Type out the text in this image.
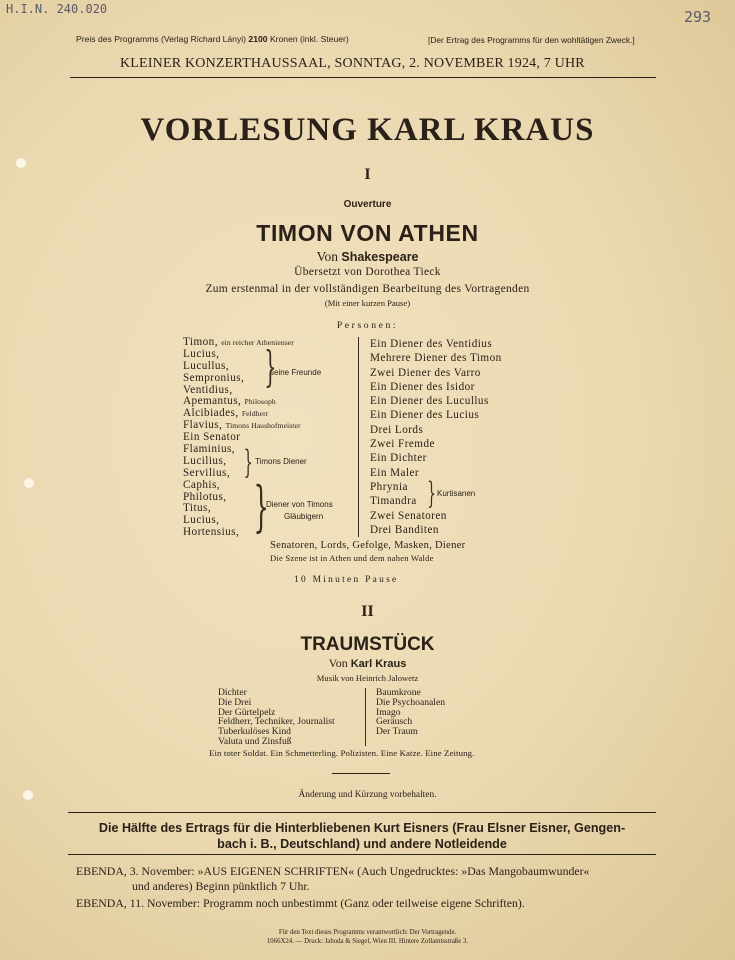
H.I.N. 240.020	293
Preis des Programms (Verlag Richard Lányi) 2100 Kronen (inkl. Steuer)	[Der Ertrag des Programms für den wohltätigen Zweck.]
KLEINER KONZERTHAUSSAAL, SONNTAG, 2. NOVEMBER 1924, 7 UHR
VORLESUNG KARL KRAUS
I
Ouverture
TIMON VON ATHEN
Von Shakespeare
Übersetzt von Dorothea Tieck
Zum erstenmal in der vollständigen Bearbeitung des Vortragenden
(Mit einer kurzen Pause)
Personen:
Timon, ein reicher Athenienser
Lucius,
Lucullus,
Sempronius,
Ventidius,
Apemantus, Philosoph
Alcibiades, Feldherr
Flavius, Timons Haushofmeister
Ein Senator
Flaminius,
Lucilius,
Servilius,
Caphis,
Philotus,
Titus,
Lucius,
Hortensius,
}
seine Freunde
} Timons Diener
}
Diener von Timons
Gläubigern
Ein Diener des Ventidius
Mehrere Diener des Timon
Zwei Diener des Varro
Ein Diener des Isidor
Ein Diener des Lucullus
Ein Diener des Lucius
Drei Lords
Zwei Fremde
Ein Dichter
Ein Maler
Phrynia
Timandra
Zwei Senatoren
Drei Banditen
} Kurtisanen
Senatoren, Lords, Gefolge, Masken, Diener
Die Szene ist in Athen und dem nahen Walde
10 Minuten Pause
II
TRAUMSTÜCK
Von Karl Kraus
Musik von Heinrich Jalowetz
Dichter
Die Drei
Der Gürtelpelz
Feldherr, Techniker, Journalist
Tuberkulöses Kind
Valuta und Zinsfuß
Baumkrone
Die Psychoanalen
Imago
Geräusch
Der Traum
Ein toter Soldat. Ein Schmetterling. Polizisten. Eine Katze. Eine Zeitung.
Änderung und Kürzung vorbehalten.
Die Hälfte des Ertrags für die Hinterbliebenen Kurt Eisners (Frau Elsner Eisner, Gengen-
bach i. B., Deutschland) und andere Notleidende
EBENDA, 3. November: »AUS EIGENEN SCHRIFTEN« (Auch Ungedrucktes: »Das Mangobaumwunder«
und anderes) Beginn pünktlich 7 Uhr.
EBENDA, 11. November: Programm noch unbestimmt (Ganz oder teilweise eigene Schriften).
Für den Text dieses Programms verantwortlich: Der Vortragende.
1066X24. — Druck: Jahoda & Siegel, Wien III. Hintere Zollamtsstraße 3.
